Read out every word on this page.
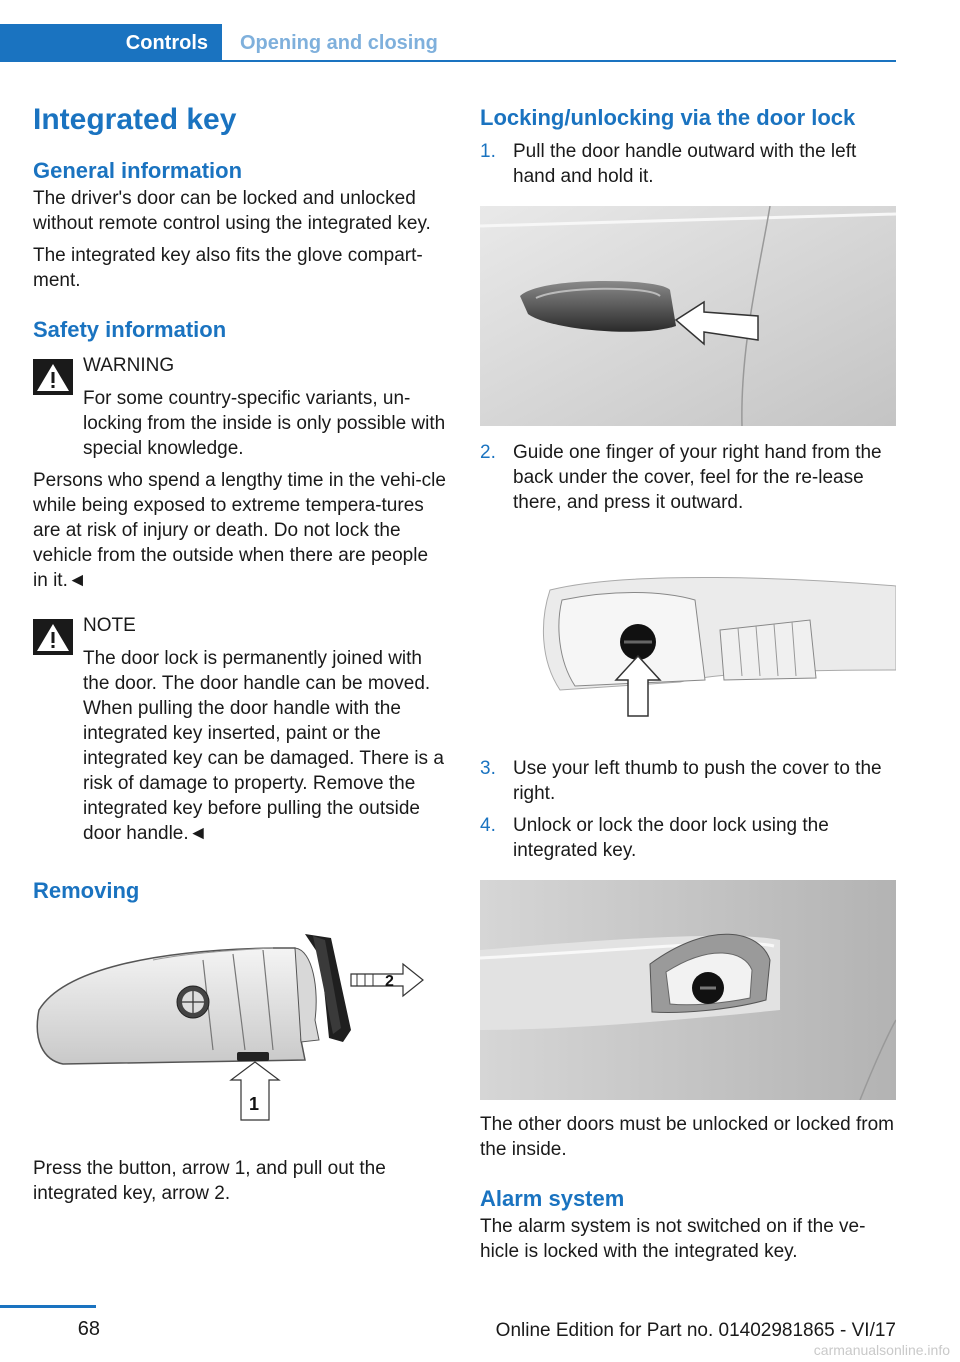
Controls	Opening and closing
Integrated key
General information
The driver's door can be locked and unlocked without remote control using the integrated key.
The integrated key also fits the glove compart‐ment.
Safety information
WARNING
For some country-specific variants, un‐locking from the inside is only possible with special knowledge.
Persons who spend a lengthy time in the vehi‐cle while being exposed to extreme tempera‐tures are at risk of injury or death. Do not lock the vehicle from the outside when there are people in it.◄
NOTE
The door lock is permanently joined with the door. The door handle can be moved. When pulling the door handle with the integrated key inserted, paint or the integrated key can be damaged. There is a risk of damage to property. Remove the integrated key before pulling the outside door handle.◄
Removing
2
1
Press the button, arrow 1, and pull out the integrated key, arrow 2.
Locking/unlocking via the door lock
1. Pull the door handle outward with the left hand and hold it.
2. Guide one finger of your right hand from the back under the cover, feel for the re‐lease there, and press it outward.
3. Use your left thumb to push the cover to the right.
4. Unlock or lock the door lock using the integrated key.
The other doors must be unlocked or locked from the inside.
Alarm system
The alarm system is not switched on if the ve‐hicle is locked with the integrated key.
68	Online Edition for Part no. 01402981865 - VI/17
carmanualsonline.info
